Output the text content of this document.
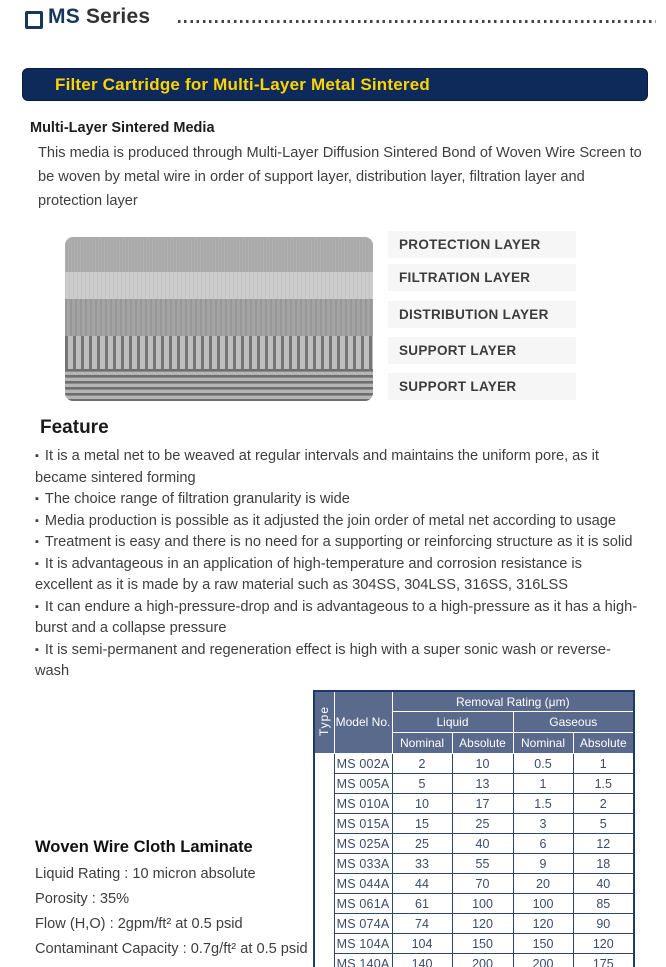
MS Series
Filter Cartridge for Multi-Layer Metal Sintered
Multi-Layer Sintered Media
This media is produced through Multi-Layer Diffusion Sintered Bond of Woven Wire Screen to be woven by metal wire in order of support layer, distribution layer, filtration layer and protection layer
PROTECTION LAYER
FILTRATION LAYER
DISTRIBUTION LAYER
SUPPORT LAYER
SUPPORT LAYER
Feature
▪ It is a metal net to be weaved at regular intervals and maintains the uniform pore, as it became sintered forming
▪ The choice range of filtration granularity is wide
▪ Media production is possible as it adjusted the join order of metal net according to usage
▪ Treatment is easy and there is no need for a supporting or reinforcing structure as it is solid
▪ It is advantageous in an application of high-temperature and corrosion resistance is excellent as it is made by a raw material such as 304SS, 304LSS, 316SS, 316LSS
▪ It can endure a high-pressure-drop and is advantageous to a high-pressure as it has a high-burst and a collapse pressure
▪ It is semi-permanent and regeneration effect is high with a super sonic wash or reverse-wash
Woven Wire Cloth Laminate
Liquid Rating : 10 micron absolute
Porosity : 35%
Flow (H,O) : 2gpm/ft² at 0.5 psid
Contaminant Capacity : 0.7g/ft² at 0.5 psid
Type	Model No.	Removal Rating (μm)			
		Liquid		Gaseous	
		Nominal	Absolute	Nominal	Absolute
Cylindrical	MS 002A	2	10	0.5	1
	MS 005A	5	13	1	1.5
	MS 010A	10	17	1.5	2
	MS 015A	15	25	3	5
	MS 025A	25	40	6	12
	MS 033A	33	55	9	18
	MS 044A	44	70	20	40
	MS 061A	61	100	100	85
	MS 074A	74	120	120	90
	MS 104A	104	150	150	120
	MS 140A	140	200	200	175
